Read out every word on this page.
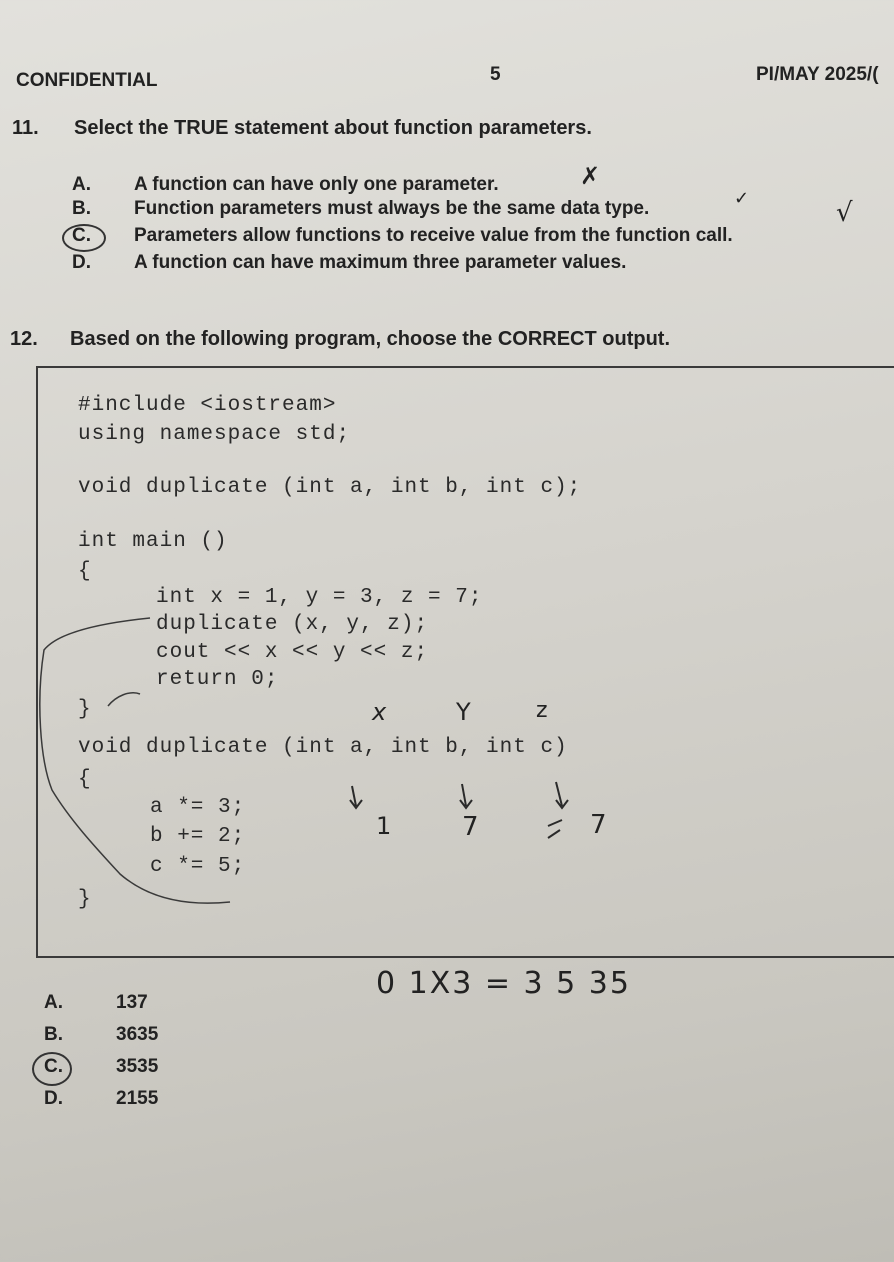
CONFIDENTIAL	5	PI/MAY 2025/(
11. Select the TRUE statement about function parameters.
A. A function can have only one parameter.
B. Function parameters must always be the same data type.
C. Parameters allow functions to receive value from the function call.
D. A function can have maximum three parameter values.
✗
✓	√
12. Based on the following program, choose the CORRECT output.
#include <iostream>
using namespace std;
void duplicate (int a, int b, int c);
int main ()
{
int x = 1, y = 3, z = 7;
duplicate (x, y, z);
cout << x << y << z;
return 0;
}
void duplicate (int a, int b, int c)
{
a *= 3;
b += 2;
c *= 5;
}
x	Y	z
1	7	7
A.	137
B.	3635
C.	3535
D.	2155
0 1X3 = 3 5 35
